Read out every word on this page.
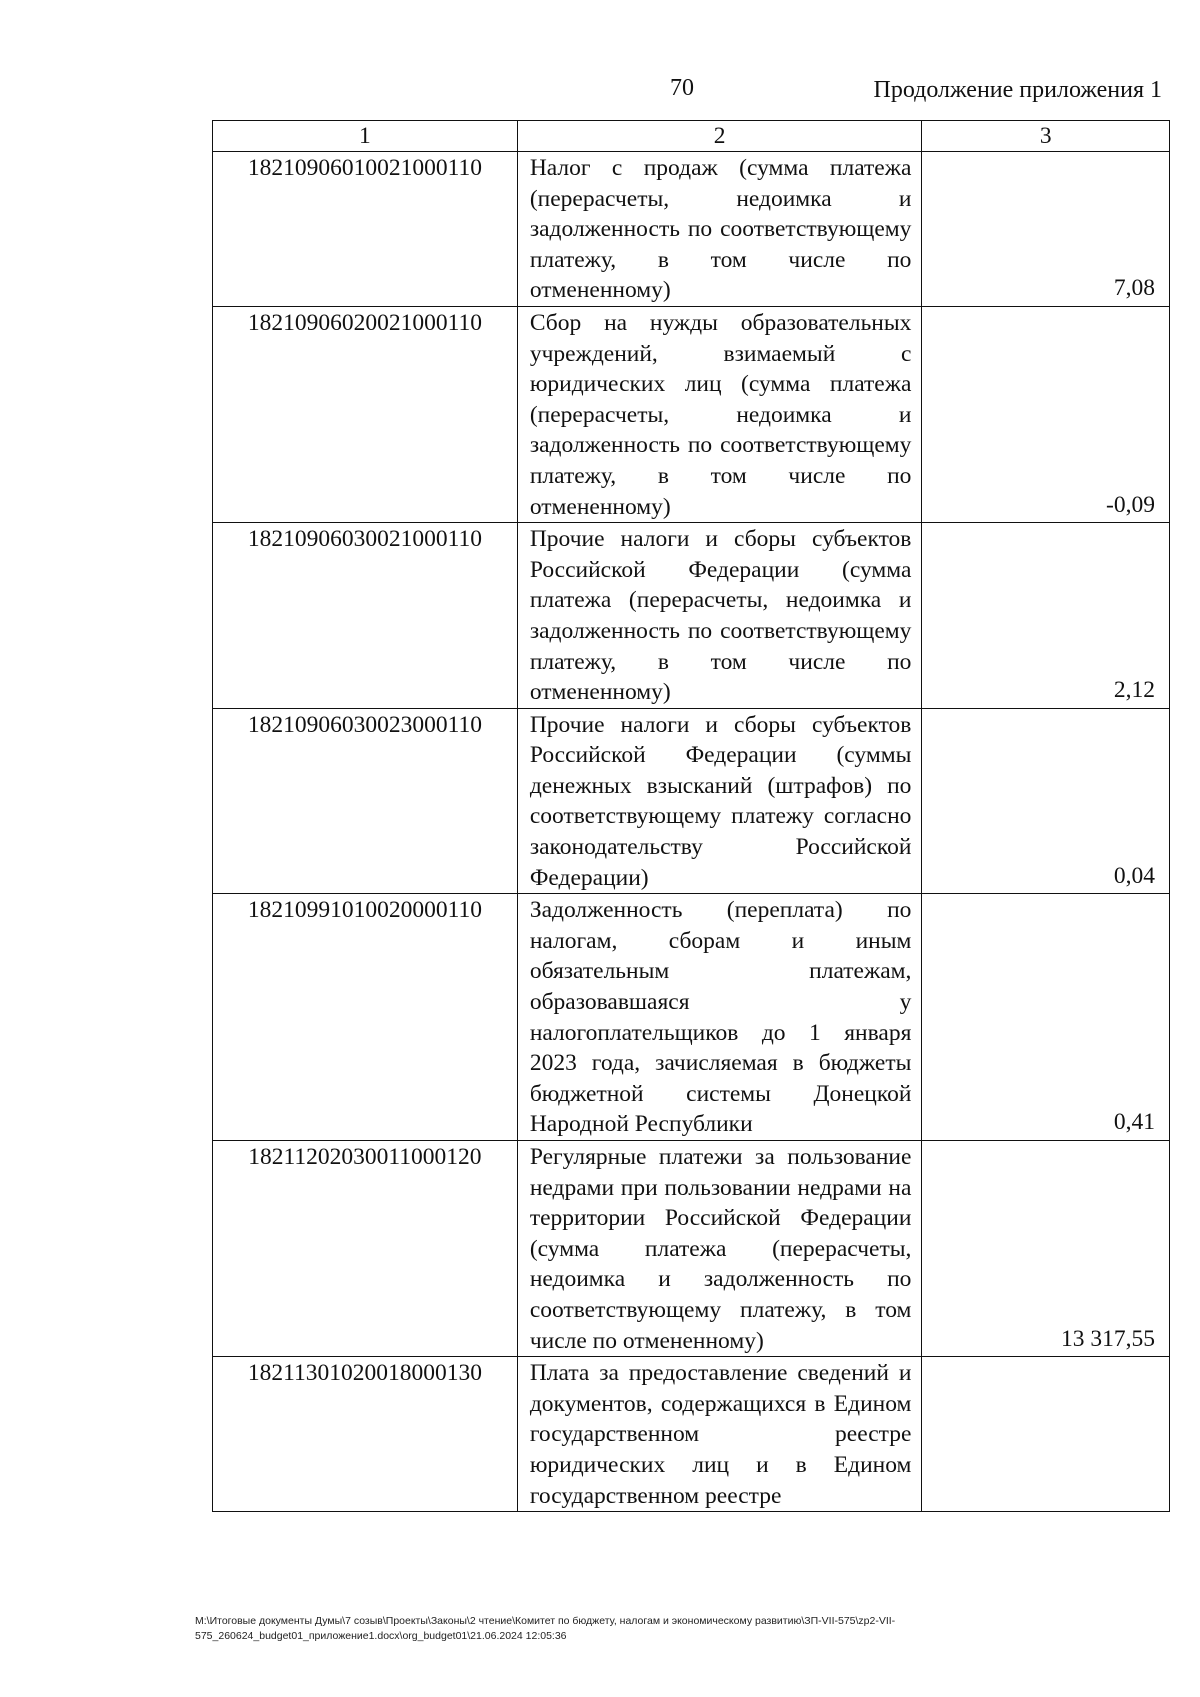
70	Продолжение приложения 1
1	2	3
18210906010021000110	Налог с продаж (сумма платежа (перерасчеты, недоимка и задолженность по соответствующему платежу, в том числе по отмененному)	7,08
18210906020021000110	Сбор на нужды образовательных учреждений, взимаемый с юридических лиц (сумма платежа (перерасчеты, недоимка и задолженность по соответствующему платежу, в том числе по отмененному)	-0,09
18210906030021000110	Прочие налоги и сборы субъектов Российской Федерации (сумма платежа (перерасчеты, недоимка и задолженность по соответствующему платежу, в том числе по отмененному)	2,12
18210906030023000110	Прочие налоги и сборы субъектов Российской Федерации (суммы денежных взысканий (штрафов) по соответствующему платежу согласно законодательству Российской Федерации)	0,04
18210991010020000110	Задолженность (переплата) по налогам, сборам и иным обязательным платежам, образовавшаяся у налогоплательщиков до 1 января 2023 года, зачисляемая в бюджеты бюджетной системы Донецкой Народной Республики	0,41
18211202030011000120	Регулярные платежи за пользование недрами при пользовании недрами на территории Российской Федерации (сумма платежа (перерасчеты, недоимка и задолженность по соответствующему платежу, в том числе по отмененному)	13 317,55
18211301020018000130	Плата за предоставление сведений и документов, содержащихся в Едином государственном реестре юридических лиц и в Едином государственном реестре	
M:\Итоговые документы Думы\7 созыв\Проекты\Законы\2 чтение\Комитет по бюджету, налогам и экономическому развитию\ЗП-VII-575\zp2-VII-575_260624_budget01_приложение1.docx\org_budget01\21.06.2024 12:05:36
